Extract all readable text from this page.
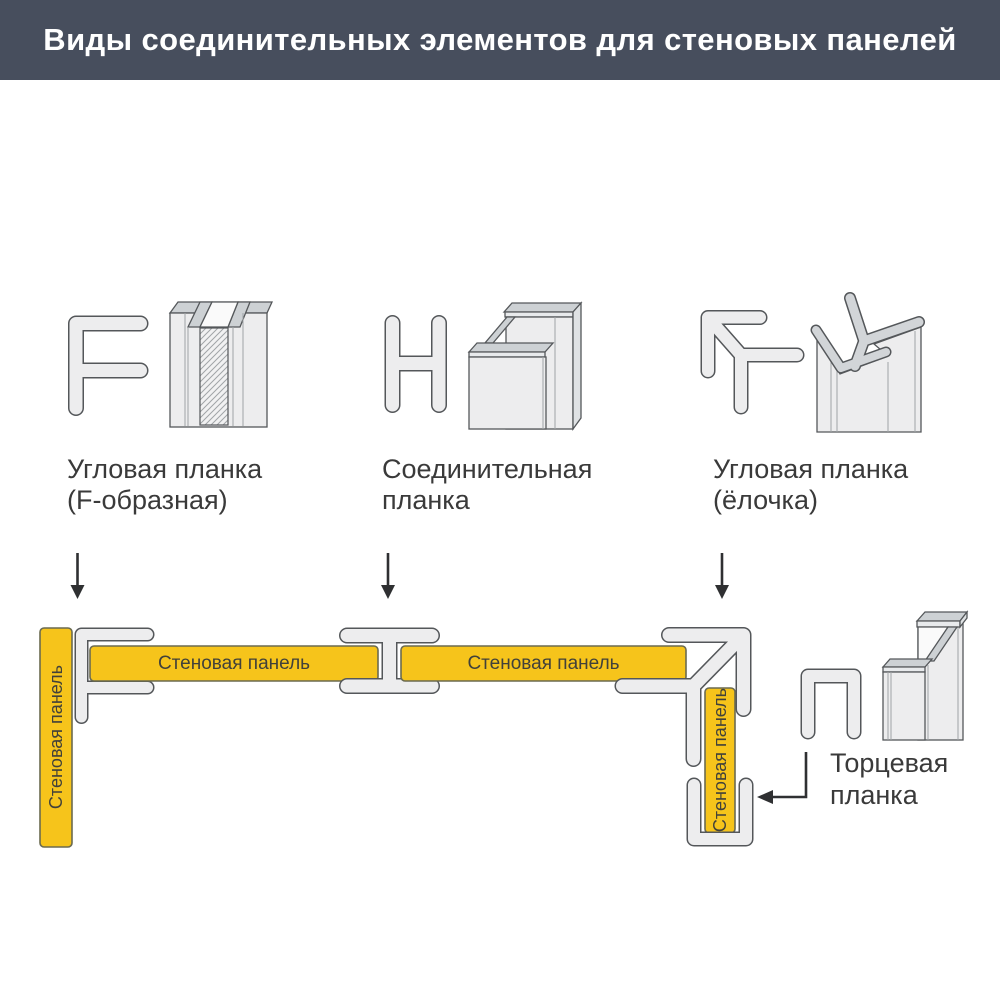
Виды соединительных элементов для стеновых панелей
Угловая планка
(F-образная)
Соединительная
планка
Угловая планка
(ёлочка)
Стеновая панель
Стеновая панель	Стеновая панель
Стеновая панель	Торцевая
планка
